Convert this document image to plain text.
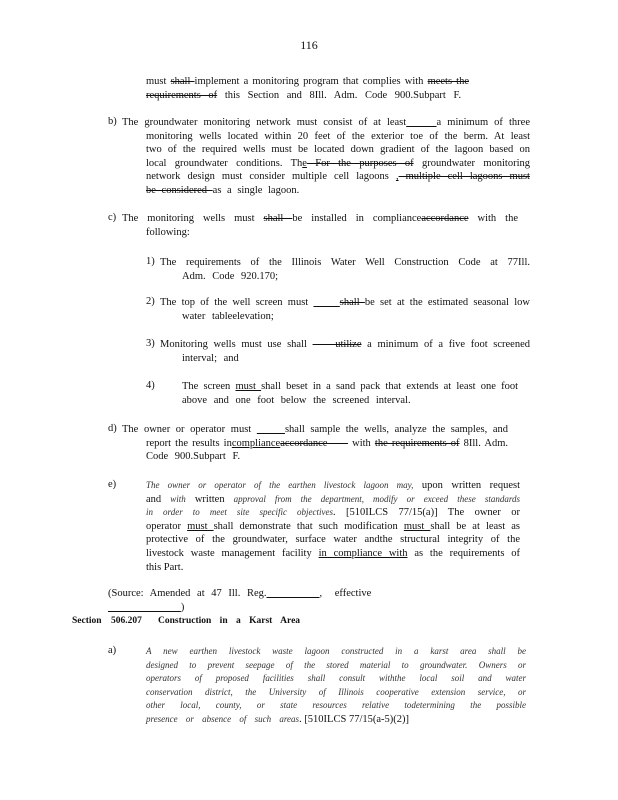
116

must shall implement a monitoring program that complies with meets the

requirements of this Section and 8Ill. Adm. Code 900.Subpart F.

b) The groundwater monitoring network must consist of at least	a minimum of three

monitoring wells located within 20 feet of the exterior toe of the berm. At least

two of the required wells must be located down gradient of the lagoon based on

local groundwater conditions. The For the purposes of groundwater monitoring

network design must consider multiple cell lagoons , multiple cell lagoons must

be considered as a single lagoon.

c) The monitoring wells must shall be installed in complianceaccordance with the

following:

1) The requirements of the Illinois Water Well Construction Code at 77Ill.

Adm. Code 920.170;

2) The top of the well screen must	shall be set at the estimated seasonal low

water tableelevation;

3) Monitoring wells must use shall     utilize a minimum of a five foot screened

interval; and

4)	The screen must shall beset in a sand pack that extends at least one foot

above and one foot below the screened interval.

d) The owner or operator must	shall sample the wells, analyze the samples, and

report the results incomplianceaccordance      with the requirements of 8Ill. Adm.

Code 900.Subpart F.

e)	The owner or operator of the earthen livestock lagoon may, upon written request

and with written approval from the department, modify or exceed these standards

in order to meet site specific objectives. [510ILCS 77/15(a)] The owner or

operator must shall demonstrate that such modification must shall be at least as

protective of the groundwater, surface water andthe structural integrity of the

livestock waste management facility in compliance with as the requirements of

this Part.

(Source: Amended at 47 Ill. Reg.	, effective            )

Section 506.207 Construction in a Karst Area
a)	A new earthen livestock waste lagoon constructed in a karst area shall be

designed to prevent seepage of the stored material to groundwater. Owners or

operators of proposed facilities shall consult withthe local soil and water

conservation district, the University of Illinois cooperative extension service, or

other local, county, or state resources relative todetermining the possible

presence or absence of such areas. [510ILCS 77/15(a-5)(2)]
